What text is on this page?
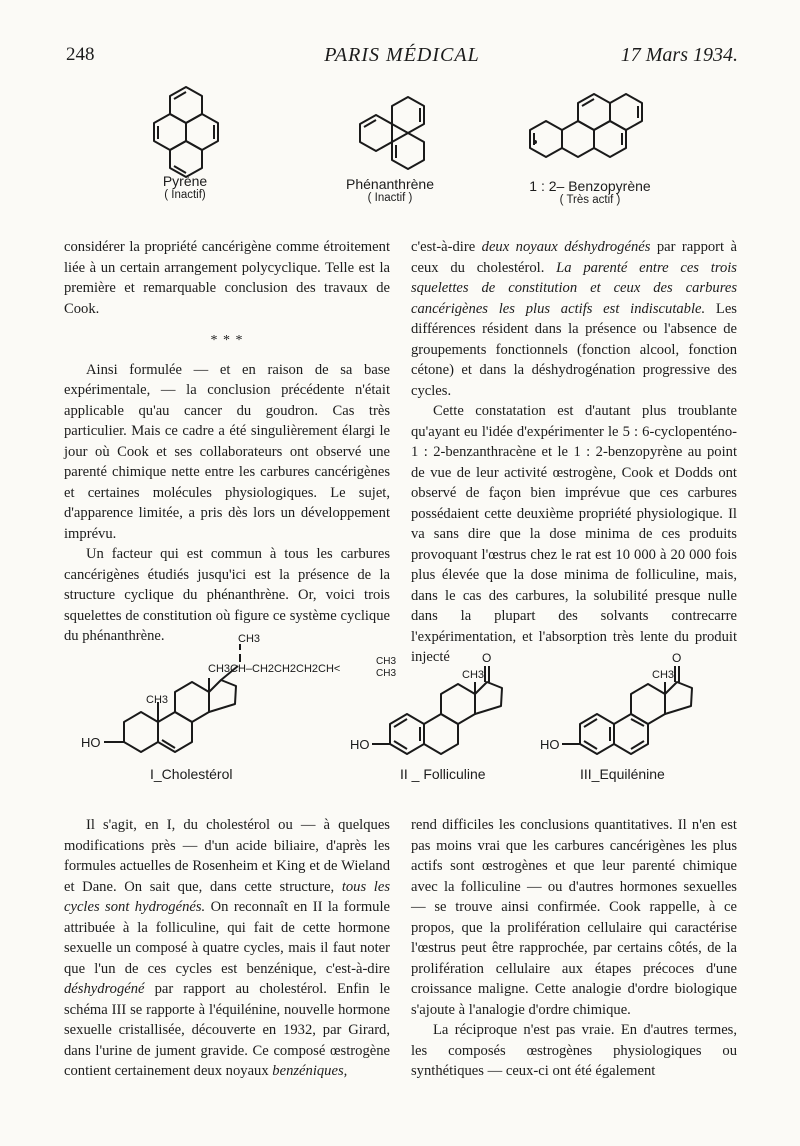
248	PARIS MÉDICAL	17 Mars 1934.
Pyrène
( Inactif)
Phénanthrène
( Inactif )
1 : 2– Benzopyrène
( Très actif )

considérer la propriété cancérigène comme étroitement liée à un certain arrangement polycyclique. Telle est la première et remarquable conclusion des travaux de Cook.

* * *

Ainsi formulée — et en raison de sa base expérimentale, — la conclusion précédente n'était applicable qu'au cancer du goudron. Cas très particulier. Mais ce cadre a été singulièrement élargi le jour où Cook et ses collaborateurs ont observé une parenté chimique nette entre les carbures cancérigènes et certaines molécules physiologiques. Le sujet, d'apparence limitée, a pris dès lors un développement imprévu.

Un facteur qui est commun à tous les carbures cancérigènes étudiés jusqu'ici est la présence de la structure cyclique du phénanthrène. Or, voici trois squelettes de constitution où figure ce système cyclique du phénanthrène.

c'est-à-dire deux noyaux déshydrogénés par rapport à ceux du cholestérol. La parenté entre ces trois squelettes de constitution et ceux des carbures cancérigènes les plus actifs est indiscutable. Les différences résident dans la présence ou l'absence de groupements fonctionnels (fonction alcool, fonction cétone) et dans la déshydrogénation progressive des cycles.

Cette constatation est d'autant plus troublante qu'ayant eu l'idée d'expérimenter le 5 : 6-cyclopenténo-1 : 2-benzanthracène et le 1 : 2-benzopyrène au point de vue de leur activité œstrogène, Cook et Dodds ont observé de façon bien imprévue que ces carbures possédaient cette deuxième propriété physiologique. Il va sans dire que la dose minima de ces produits provoquant l'œstrus chez le rat est 10 000 à 20 000 fois plus élevée que la dose minima de folliculine, mais, dans le cas des carbures, la solubilité presque nulle dans la plupart des solvants contrecarre l'expérimentation, et l'absorption très lente du produit injecté

HO
CH3
CH3
CH3CH–CH2CH2CH2CH<
CH3
CH3
HO
CH3
O
HO
CH3
O
I_Cholestérol	II _ Folliculine	III_Equilénine

Il s'agit, en I, du cholestérol ou — à quelques modifications près — d'un acide biliaire, d'après les formules actuelles de Rosenheim et King et de Wieland et Dane. On sait que, dans cette structure, tous les cycles sont hydrogénés. On reconnaît en II la formule attribuée à la folliculine, qui fait de cette hormone sexuelle un composé à quatre cycles, mais il faut noter que l'un de ces cycles est benzénique, c'est-à-dire déshydrogéné par rapport au cholestérol. Enfin le schéma III se rapporte à l'équilénine, nouvelle hormone sexuelle cristallisée, découverte en 1932, par Girard, dans l'urine de jument gravide. Ce composé œstrogène contient certainement deux noyaux benzéniques,

rend difficiles les conclusions quantitatives. Il n'en est pas moins vrai que les carbures cancérigènes les plus actifs sont œstrogènes et que leur parenté chimique avec la folliculine — ou d'autres hormones sexuelles — se trouve ainsi confirmée. Cook rappelle, à ce propos, que la prolifération cellulaire qui caractérise l'œstrus peut être rapprochée, par certains côtés, de la prolifération cellulaire aux étapes précoces d'une croissance maligne. Cette analogie d'ordre biologique s'ajoute à l'analogie d'ordre chimique.

La réciproque n'est pas vraie. En d'autres termes, les composés œstrogènes physiologiques ou synthétiques — ceux-ci ont été également
